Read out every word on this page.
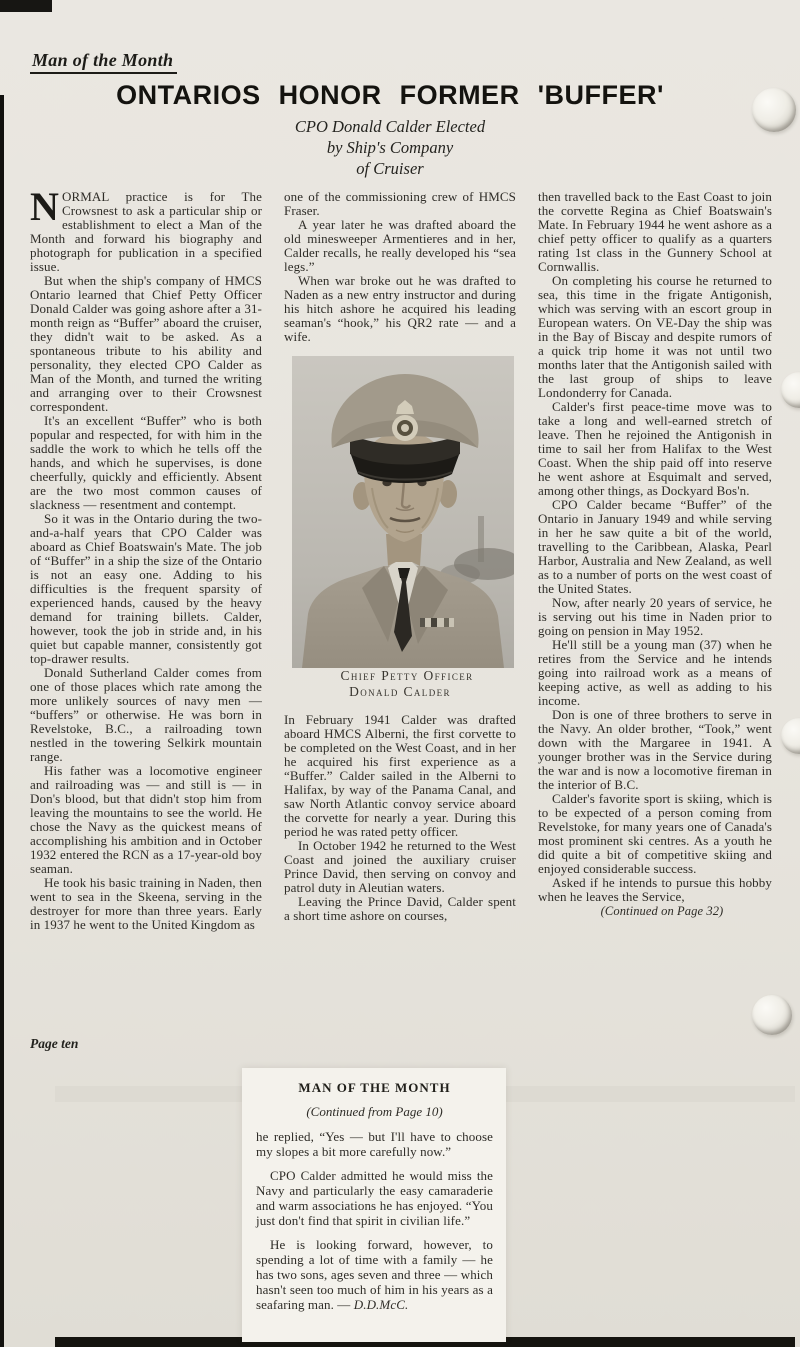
Man of the Month
ONTARIOS HONOR FORMER 'BUFFER'
CPO Donald Calder Elected
by Ship's Company
of Cruiser

NORMAL practice is for The Crowsnest to ask a particular ship or establishment to elect a Man of the Month and forward his biography and photograph for publication in a specified issue.

But when the ship's company of HMCS Ontario learned that Chief Petty Officer Donald Calder was going ashore after a 31-month reign as “Buffer” aboard the cruiser, they didn't wait to be asked. As a spontaneous tribute to his ability and personality, they elected CPO Calder as Man of the Month, and turned the writing and arranging over to their Crowsnest correspondent.

It's an excellent “Buffer” who is both popular and respected, for with him in the saddle the work to which he tells off the hands, and which he supervises, is done cheerfully, quickly and efficiently. Absent are the two most common causes of slackness — resentment and contempt.

So it was in the Ontario during the two-and-a-half years that CPO Calder was aboard as Chief Boatswain's Mate. The job of “Buffer” in a ship the size of the Ontario is not an easy one. Adding to his difficulties is the frequent sparsity of experienced hands, caused by the heavy demand for training billets. Calder, however, took the job in stride and, in his quiet but capable manner, consistently got top-drawer results.

Donald Sutherland Calder comes from one of those places which rate among the more unlikely sources of navy men — “buffers” or otherwise. He was born in Revelstoke, B.C., a railroading town nestled in the towering Selkirk mountain range.

His father was a locomotive engineer and railroading was — and still is — in Don's blood, but that didn't stop him from leaving the mountains to see the world. He chose the Navy as the quickest means of accomplishing his ambition and in October 1932 entered the RCN as a 17-year-old boy seaman.

He took his basic training in Naden, then went to sea in the Skeena, serving in the destroyer for more than three years. Early in 1937 he went to the United Kingdom as

one of the commissioning crew of HMCS Fraser.

A year later he was drafted aboard the old minesweeper Armentieres and in her, Calder recalls, he really developed his “sea legs.”

When war broke out he was drafted to Naden as a new entry instructor and during his hitch ashore he acquired his leading seaman's “hook,” his QR2 rate — and a wife.

Chief Petty Officer
Donald Calder

In February 1941 Calder was drafted aboard HMCS Alberni, the first corvette to be completed on the West Coast, and in her he acquired his first experience as a “Buffer.” Calder sailed in the Alberni to Halifax, by way of the Panama Canal, and saw North Atlantic convoy service aboard the corvette for nearly a year. During this period he was rated petty officer.

In October 1942 he returned to the West Coast and joined the auxiliary cruiser Prince David, then serving on convoy and patrol duty in Aleutian waters.

Leaving the Prince David, Calder spent a short time ashore on courses,

then travelled back to the East Coast to join the corvette Regina as Chief Boatswain's Mate. In February 1944 he went ashore as a chief petty officer to qualify as a quarters rating 1st class in the Gunnery School at Cornwallis.

On completing his course he returned to sea, this time in the frigate Antigonish, which was serving with an escort group in European waters. On VE-Day the ship was in the Bay of Biscay and despite rumors of a quick trip home it was not until two months later that the Antigonish sailed with the last group of ships to leave Londonderry for Canada.

Calder's first peace-time move was to take a long and well-earned stretch of leave. Then he rejoined the Antigonish in time to sail her from Halifax to the West Coast. When the ship paid off into reserve he went ashore at Esquimalt and served, among other things, as Dockyard Bos'n.

CPO Calder became “Buffer” of the Ontario in January 1949 and while serving in her he saw quite a bit of the world, travelling to the Caribbean, Alaska, Pearl Harbor, Australia and New Zealand, as well as to a number of ports on the west coast of the United States.

Now, after nearly 20 years of service, he is serving out his time in Naden prior to going on pension in May 1952.

He'll still be a young man (37) when he retires from the Service and he intends going into railroad work as a means of keeping active, as well as adding to his income.

Don is one of three brothers to serve in the Navy. An older brother, “Took,” went down with the Margaree in 1941. A younger brother was in the Service during the war and is now a locomotive fireman in the interior of B.C.

Calder's favorite sport is skiing, which is to be expected of a person coming from Revelstoke, for many years one of Canada's most prominent ski centres. As a youth he did quite a bit of competitive skiing and enjoyed considerable success.

Asked if he intends to pursue this hobby when he leaves the Service,

(Continued on Page 32)

Page ten
MAN OF THE MONTH

(Continued from Page 10)

he replied, “Yes — but I'll have to choose my slopes a bit more carefully now.”

CPO Calder admitted he would miss the Navy and particularly the easy camaraderie and warm associations he has enjoyed. “You just don't find that spirit in civilian life.”

He is looking forward, however, to spending a lot of time with a family — he has two sons, ages seven and three — which hasn't seen too much of him in his years as a seafaring man. — D.D.McC.
